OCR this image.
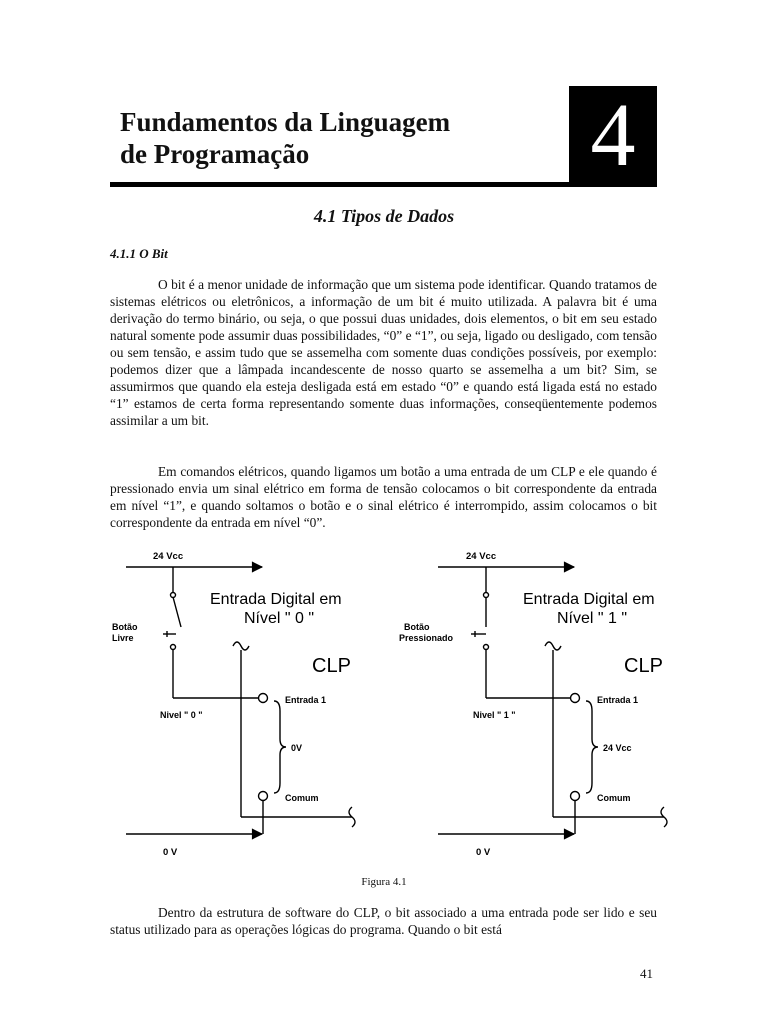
Fundamentos da Linguagem
de Programação	4
4.1 Tipos de Dados
4.1.1 O Bit

O bit é a menor unidade de informação que um sistema pode identificar. Quando tratamos de sistemas elétricos ou eletrônicos, a informação de um bit é muito utilizada. A palavra bit é uma derivação do termo binário, ou seja, o que possui duas unidades, dois elementos, o bit em seu estado natural somente pode assumir duas possibilidades, “0” e “1”, ou seja, ligado ou desligado, com tensão ou sem tensão, e assim tudo que se assemelha com somente duas condições possíveis, por exemplo: podemos dizer que a lâmpada incandescente de nosso quarto se assemelha a um bit? Sim, se assumirmos que quando ela esteja desligada está em estado “0” e quando está ligada está no estado “1” estamos de certa forma representando somente duas informações, conseqüentemente podemos assimilar a um bit.

Em comandos elétricos, quando ligamos um botão a uma entrada de um CLP e ele quando é pressionado envia um sinal elétrico em forma de tensão colocamos o bit correspondente da entrada em nível “1”, e quando soltamos o botão e o sinal elétrico é interrompido, assim colocamos o bit correspondente da entrada em nível “0”.

24 Vcc
Botão
Livre
Entrada Digital em
Nível " 0 "
CLP
Nivel " 0 "
Entrada 1
0V
Comum
0 V
24 Vcc
Botão
Pressionado
Entrada Digital em
Nível " 1 "
CLP
Nivel " 1 "
Entrada 1
24 Vcc
Comum
0 V
Figura 4.1

Dentro da estrutura de software do CLP, o bit associado a uma entrada pode ser lido e seu status utilizado para as operações lógicas do programa. Quando o bit está

41
